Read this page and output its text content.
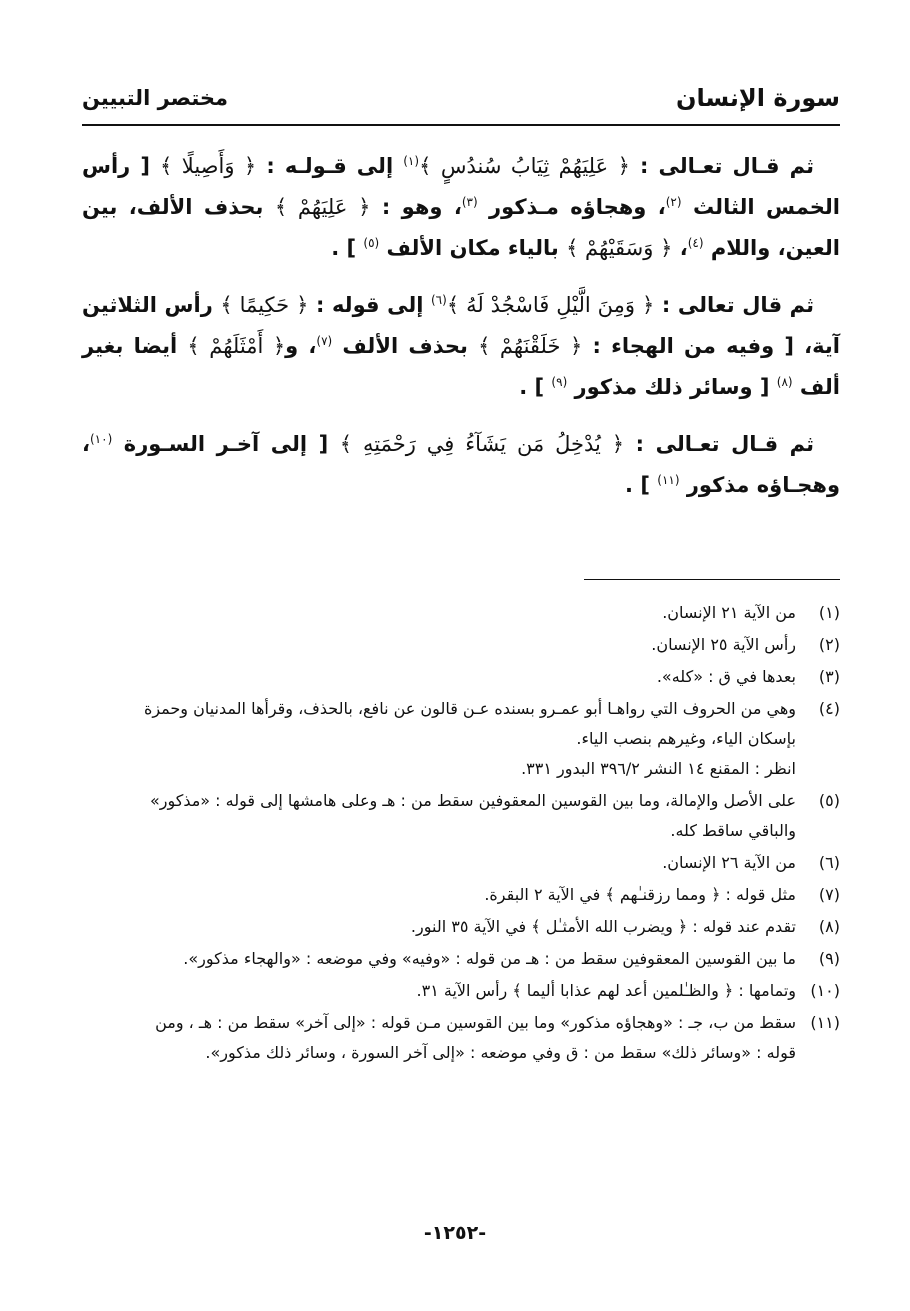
سورة الإنسان
مختصر التبيين

ثم قـال تعـالى : ﴿ عَلِيَهُمْ ثِيَابُ سُندُسٍ ﴾$^{(١)}$ إلى قـولـه : ﴿ وَأَصِيلًا ﴾ [ رأس الخمس الثالث $^{(٢)}$، وهجاؤه مـذكور $^{(٣)}$، وهو : ﴿ عَلِيَهُمْ ﴾ بحذف الألف، بين العين، واللام $^{(٤)}$، ﴿ وَسَقَيْهُمْ ﴾ بالياء مكان الألف $^{(٥)}$ ] .

ثم قال تعالى : ﴿ وَمِنَ الَّيْلِ فَاسْجُدْ لَهُ ﴾$^{(٦)}$ إلى قوله : ﴿ حَكِيمًا ﴾ رأس الثلاثين آية، [ وفيه من الهجاء : ﴿ خَلَقْنَهُمْ ﴾ بحذف الألف $^{(٧)}$، و﴿ أَمْثَلَهُمْ ﴾ أيضا بغير ألف $^{(٨)}$ [ وسائر ذلك مذكور $^{(٩)}$ ] .

ثم قـال تعـالى : ﴿ يُدْخِلُ مَن يَشَآءُ فِي رَحْمَتِهِ ﴾ [ إلى آخـر السـورة $^{(١٠)}$، وهجـاؤه مذكور $^{(١١)}$ ] .

(١)
من الآية ٢١ الإنسان.
(٢)
رأس الآية ٢٥ الإنسان.
(٣)
بعدها في ق : «كله».
(٤)
وهي من الحروف التي رواهـا أبو عمـرو بسنده عـن قالون عن نافع، بالحذف، وقرأها المدنيان وحمزة
بإسكان الياء، وغيرهم بنصب الياء.
انظر : المقنع ١٤ النشر ٣٩٦/٢ البدور ٣٣١.
(٥)
على الأصل والإمالة، وما بين القوسين المعقوفين سقط من : هـ وعلى هامشها إلى قوله : «مذكور»
والباقي ساقط كله.
(٦)
من الآية ٢٦ الإنسان.
(٧)
مثل قوله : ﴿ ومما رزقنـٰهم ﴾ في الآية ٢ البقرة.
(٨)
تقدم عند قوله : ﴿ ويضرب الله الأمثـٰل ﴾ في الآية ٣٥ النور.
(٩)
ما بين القوسين المعقوفين سقط من : هـ من قوله : «وفيه» وفي موضعه : «والهجاء مذكور».
(١٠)
وتمامها : ﴿ والظـٰلمين أعد لهم عذابا أليما ﴾ رأس الآية ٣١.
(١١)
سقط من ب، جـ : «وهجاؤه مذكور» وما بين القوسين مـن قوله : «إلى آخر» سقط من : هـ ، ومن
قوله : «وسائر ذلك» سقط من : ق وفي موضعه : «إلى آخر السورة ، وسائر ذلك مذكور».
-١٢٥٢-
